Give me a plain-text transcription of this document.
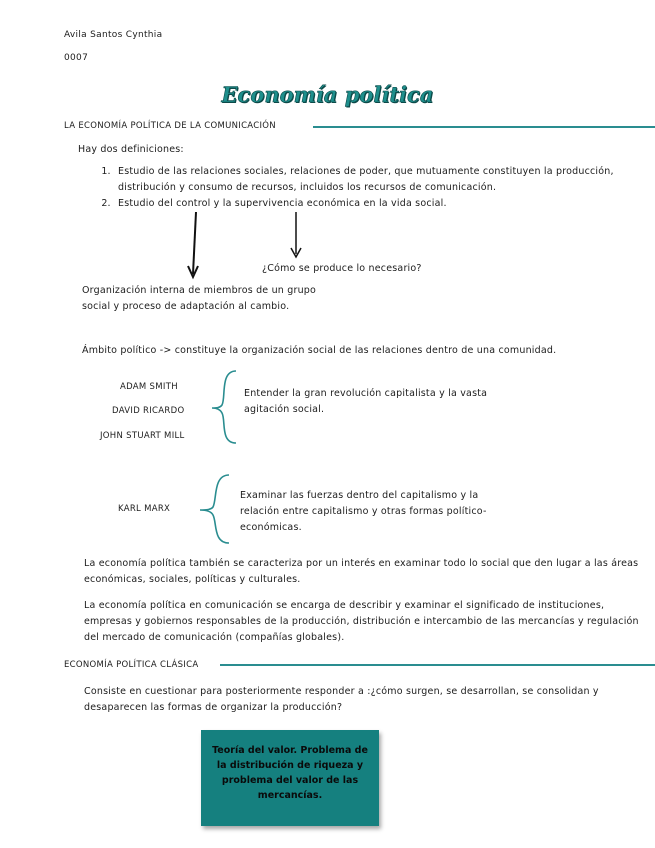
Avila Santos Cynthia
0007
Economía política
LA ECONOMÍA POLÍTICA DE LA COMUNICACIÓN
Hay dos definiciones:
1. Estudio de las relaciones sociales, relaciones de poder, que mutuamente constituyen la producción, distribución y consumo de recursos, incluidos los recursos de comunicación.
2. Estudio del control y la supervivencia económica en la vida social.
¿Cómo se produce lo necesario?
Organización interna de miembros de un grupo social y proceso de adaptación al cambio.
Ámbito político -> constituye la organización social de las relaciones dentro de una comunidad.
ADAM SMITH
DAVID RICARDO
JOHN STUART MILL
Entender la gran revolución capitalista y la vasta agitación social.
KARL MARX
Examinar las fuerzas dentro del capitalismo y la relación entre capitalismo y otras formas político-económicas.
La economía política también se caracteriza por un interés en examinar todo lo social que den lugar a las áreas económicas, sociales, políticas y culturales.
La economía política en comunicación se encarga de describir y examinar el significado de instituciones, empresas y gobiernos responsables de la producción, distribución e intercambio de las mercancías y regulación del mercado de comunicación (compañías globales).
ECONOMÍA POLÍTICA CLÁSICA
Consiste en cuestionar para posteriormente responder a :¿cómo surgen, se desarrollan, se consolidan y desaparecen las formas de organizar la producción?
Teoría del valor. Problema de la distribución de riqueza y problema del valor de las mercancías.
